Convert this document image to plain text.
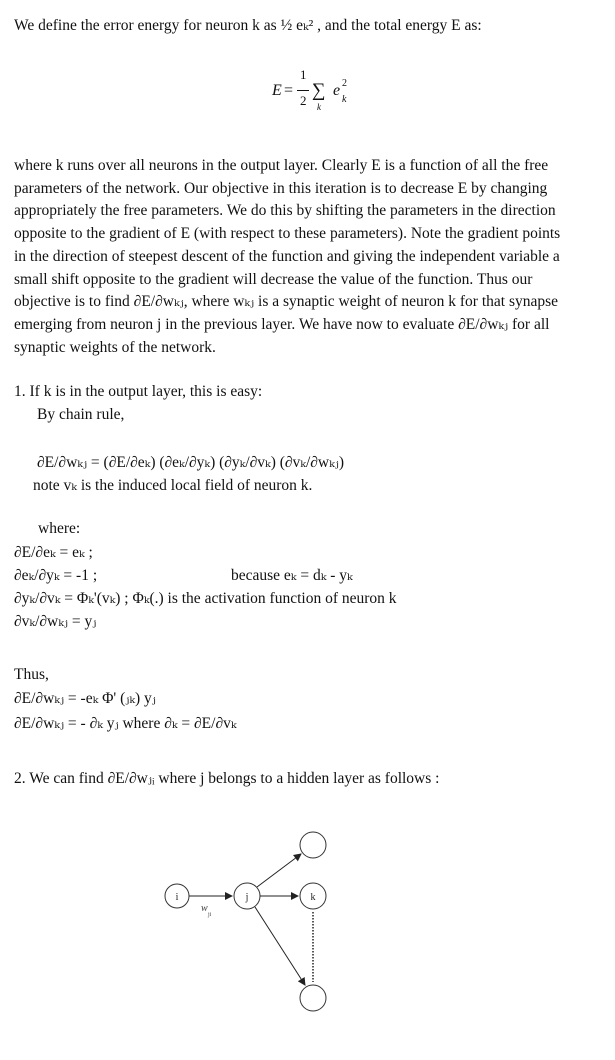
We define the error energy for neuron k as ½ eₖ² , and the total energy E as:
E =
1
2 ∑
k
e 2
k
where k runs over all neurons in the output layer. Clearly E is a function of all the free
parameters of the network. Our objective in this iteration is to decrease E by changing
appropriately the free parameters. We do this by shifting the parameters in the direction
opposite to the gradient of E (with respect to these parameters). Note the gradient points
in the direction of steepest descent of the function and giving the independent variable a
small shift opposite to the gradient will decrease the value of the function. Thus our
objective is to find ∂E/∂wₖⱼ, where wₖⱼ is a synaptic weight of neuron k for that synapse
emerging from neuron j in the previous layer. We have now to evaluate ∂E/∂wₖⱼ for all
synaptic weights of the network.
1. If k is in the output layer, this is easy:
By chain rule,
∂E/∂wₖⱼ = (∂E/∂eₖ) (∂eₖ/∂yₖ) (∂yₖ/∂vₖ) (∂vₖ/∂wₖⱼ)
note vₖ is the induced local field of neuron k.
where:
∂E/∂eₖ = eₖ ;
∂eₖ/∂yₖ = -1 ;	because eₖ = dₖ - yₖ
∂yₖ/∂vₖ = Φₖ'(vₖ) ; Φₖ(.) is the activation function of neuron k
∂vₖ/∂wₖⱼ = yⱼ
Thus,
∂E/∂wₖⱼ = -eₖ Φ' (ⱼₖ) yⱼ
∂E/∂wₖⱼ = - ∂ₖ yⱼ where ∂ₖ = ∂E/∂vₖ
2. We can find ∂E/∂wⱼᵢ where j belongs to a hidden layer as follows :
i	j	k
w
ji
